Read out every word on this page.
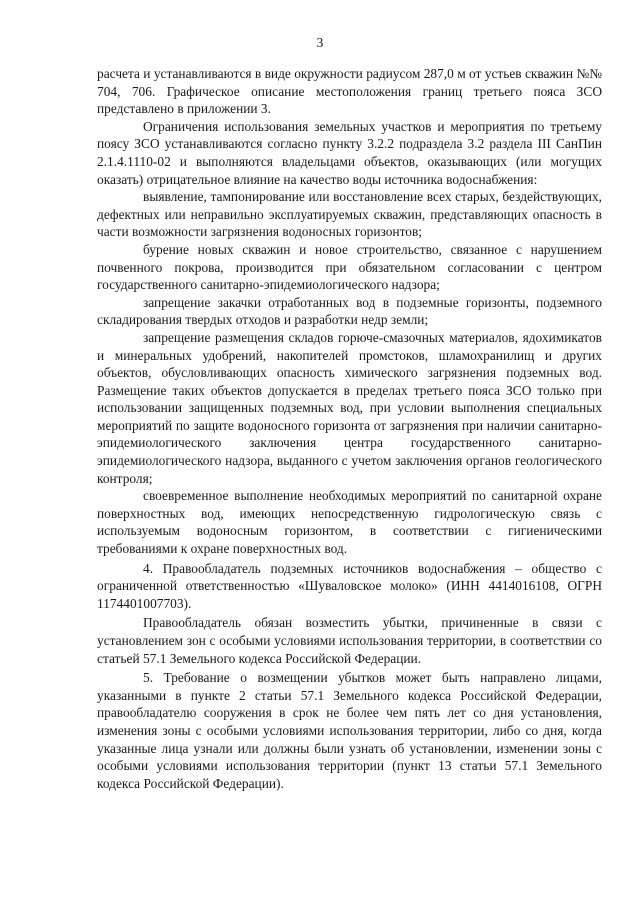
3

расчета и устанавливаются в виде окружности радиусом 287,0 м от устьев скважин №№ 704, 706. Графическое описание местоположения границ третьего пояса ЗСО представлено в приложении 3.

Ограничения использования земельных участков и мероприятия по третьему поясу ЗСО устанавливаются согласно пункту 3.2.2 подраздела 3.2 раздела III СанПин 2.1.4.1110-02 и выполняются владельцами объектов, оказывающих (или могущих оказать) отрицательное влияние на качество воды источника водоснабжения:

выявление, тампонирование или восстановление всех старых, бездействующих, дефектных или неправильно эксплуатируемых скважин, представляющих опасность в части возможности загрязнения водоносных горизонтов;

бурение новых скважин и новое строительство, связанное с нарушением почвенного покрова, производится при обязательном согласовании с центром государственного санитарно-эпидемиологического надзора;

запрещение закачки отработанных вод в подземные горизонты, подземного складирования твердых отходов и разработки недр земли;

запрещение размещения складов горюче-смазочных материалов, ядохимикатов и минеральных удобрений, накопителей промстоков, шламохранилищ и других объектов, обусловливающих опасность химического загрязнения подземных вод. Размещение таких объектов допускается в пределах третьего пояса ЗСО только при использовании защищенных подземных вод, при условии выполнения специальных мероприятий по защите водоносного горизонта от загрязнения при наличии санитарно-эпидемиологического заключения центра государственного санитарно-эпидемиологического надзора, выданного с учетом заключения органов геологического контроля;

своевременное выполнение необходимых мероприятий по санитарной охране поверхностных вод, имеющих непосредственную гидрологическую связь с используемым водоносным горизонтом, в соответствии с гигиеническими требованиями к охране поверхностных вод.

4. Правообладатель подземных источников водоснабжения – общество с ограниченной ответственностью «Шуваловское молоко» (ИНН 4414016108, ОГРН 1174401007703).

Правообладатель обязан возместить убытки, причиненные в связи с установлением зон с особыми условиями использования территории, в соответствии со статьей 57.1 Земельного кодекса Российской Федерации.

5. Требование о возмещении убытков может быть направлено лицами, указанными в пункте 2 статьи 57.1 Земельного кодекса Российской Федерации, правообладателю сооружения в срок не более чем пять лет со дня установления, изменения зоны с особыми условиями использования территории, либо со дня, когда указанные лица узнали или должны были узнать об установлении, изменении зоны с особыми условиями использования территории (пункт 13 статьи 57.1 Земельного кодекса Российской Федерации).
